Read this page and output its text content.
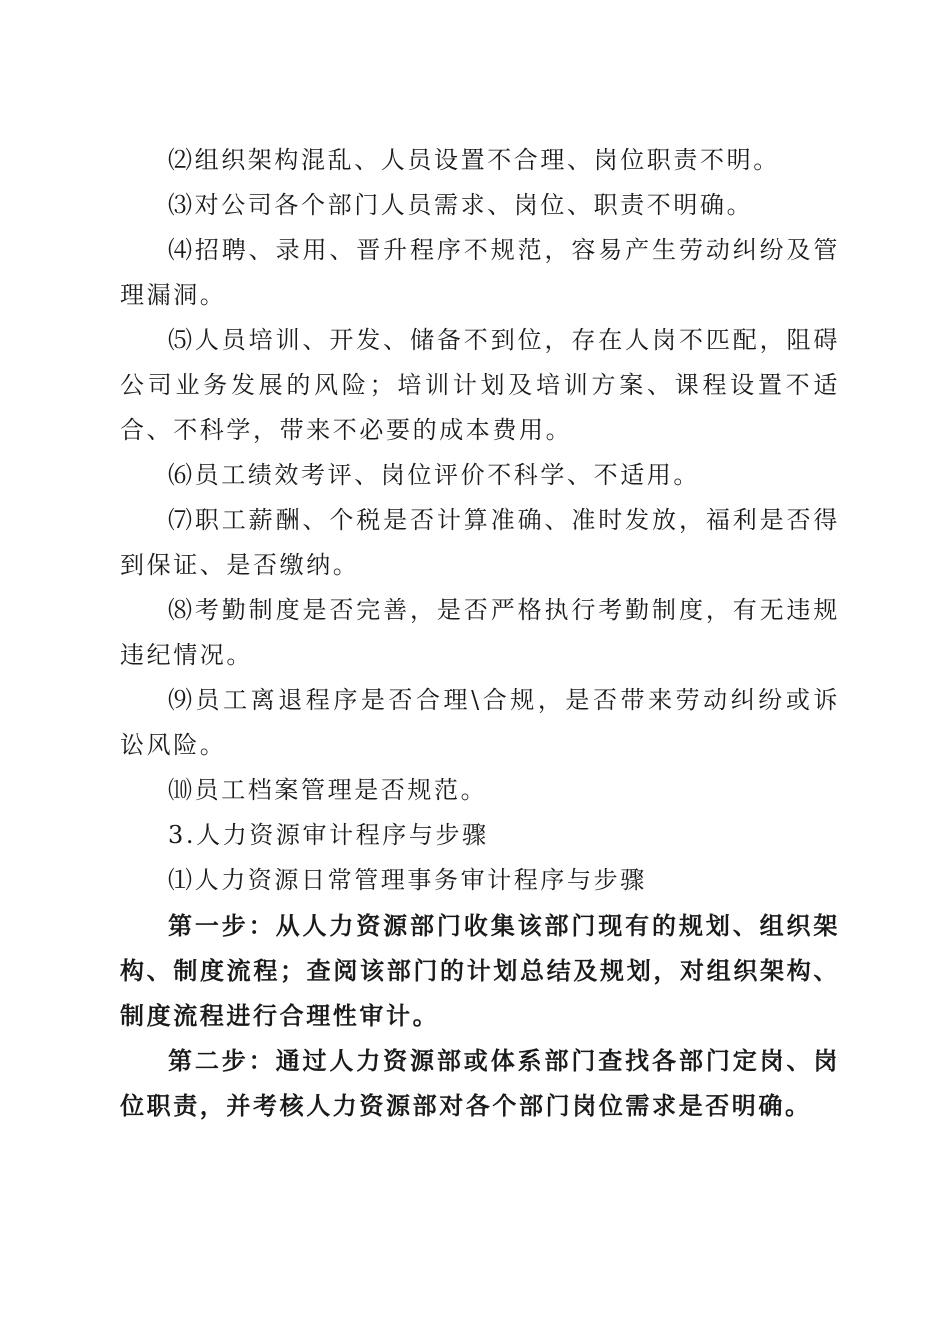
⑵组织架构混乱、人员设置不合理、岗位职责不明。

⑶对公司各个部门人员需求、岗位、职责不明确。

⑷招聘、录用、晋升程序不规范，容易产生劳动纠纷及管理漏洞。

⑸人员培训、开发、储备不到位，存在人岗不匹配，阻碍公司业务发展的风险；培训计划及培训方案、课程设置不适合、不科学，带来不必要的成本费用。

⑹员工绩效考评、岗位评价不科学、不适用。

⑺职工薪酬、个税是否计算准确、准时发放，福利是否得到保证、是否缴纳。

⑻考勤制度是否完善，是否严格执行考勤制度，有无违规违纪情况。

⑼员工离退程序是否合理\合规，是否带来劳动纠纷或诉讼风险。

⑽员工档案管理是否规范。

3.人力资源审计程序与步骤

⑴人力资源日常管理事务审计程序与步骤

第一步：从人力资源部门收集该部门现有的规划、组织架构、制度流程；查阅该部门的计划总结及规划，对组织架构、制度流程进行合理性审计。

第二步：通过人力资源部或体系部门查找各部门定岗、岗位职责，并考核人力资源部对各个部门岗位需求是否明确。
